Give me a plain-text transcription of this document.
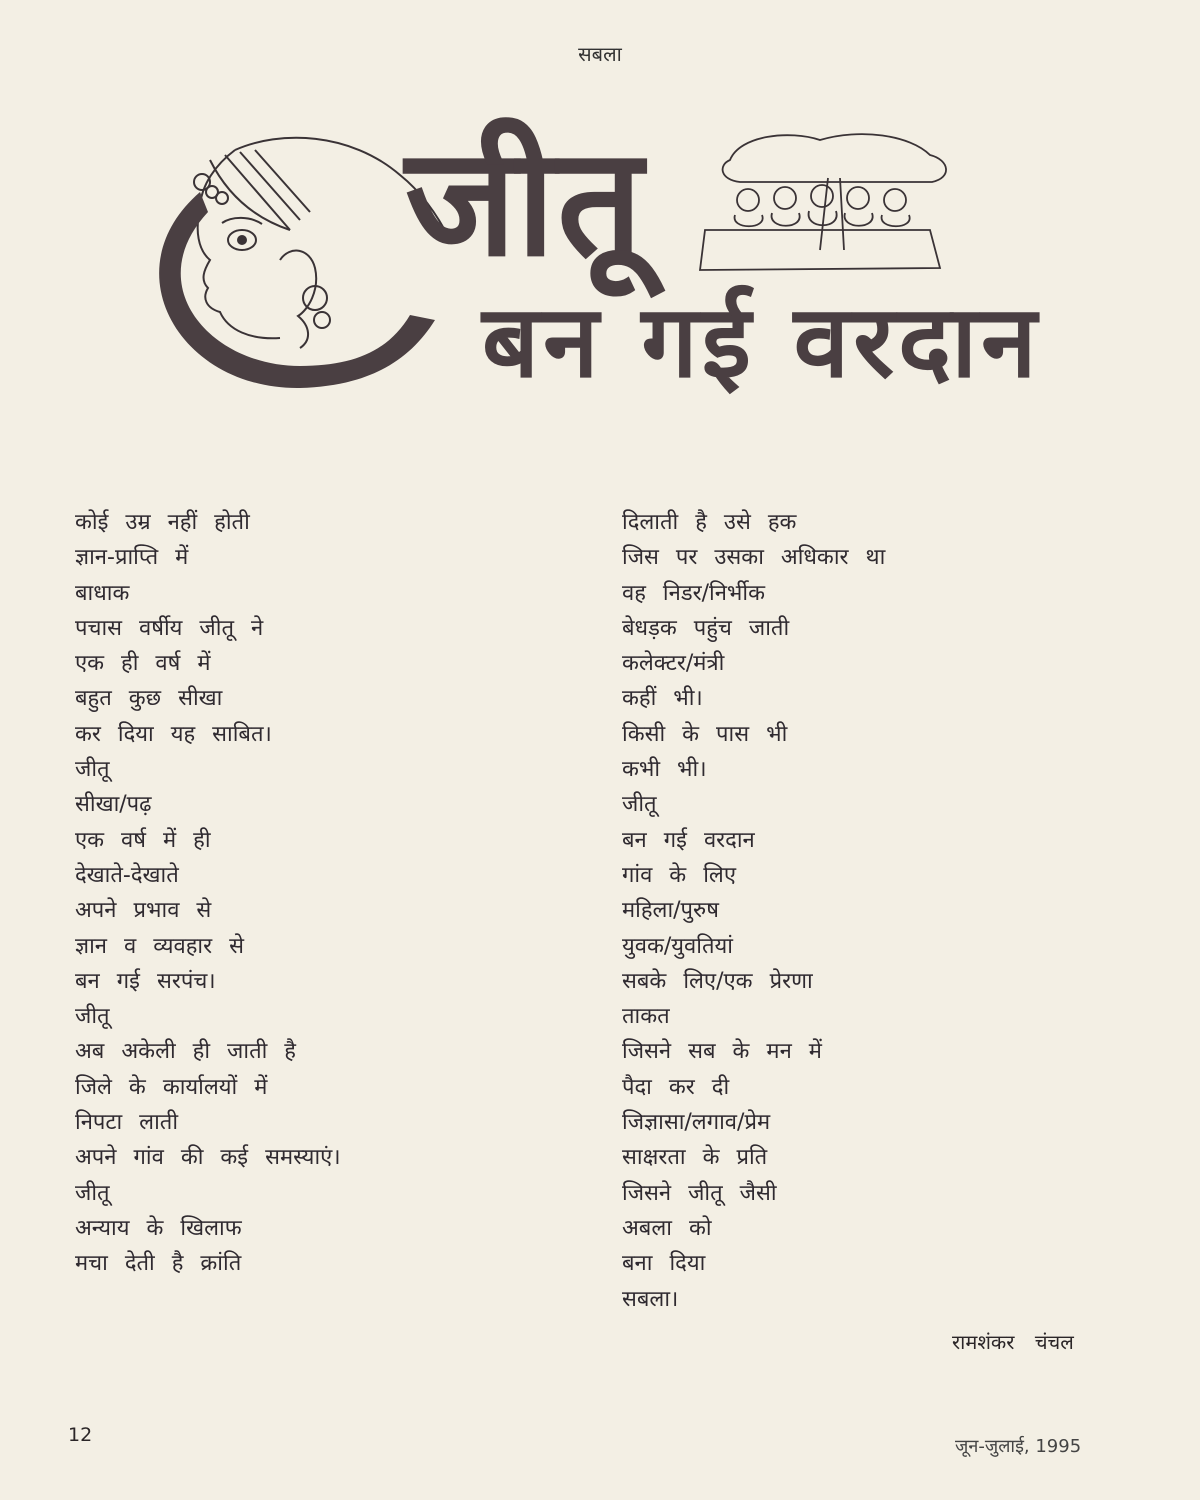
सबला
जीतू
बन गई वरदान
कोई उम्र नहीं होती
ज्ञान-प्राप्ति में
बाधाक
पचास वर्षीय जीतू ने
एक ही वर्ष में
बहुत कुछ सीखा
कर दिया यह साबित।
जीतू
सीखा/पढ़
एक वर्ष में ही
देखाते-देखाते
अपने प्रभाव से
ज्ञान व व्यवहार से
बन गई सरपंच।
जीतू
अब अकेली ही जाती है
जिले के कार्यालयों में
निपटा लाती
अपने गांव की कई समस्याएं।
जीतू
अन्याय के खिलाफ
मचा देती है क्रांति
दिलाती है उसे हक
जिस पर उसका अधिकार था
वह निडर/निर्भीक
बेधड़क पहुंच जाती
कलेक्टर/मंत्री
कहीं भी।
किसी के पास भी
कभी भी।
जीतू
बन गई वरदान
गांव के लिए
महिला/पुरुष
युवक/युवतियां
सबके लिए/एक प्रेरणा
ताकत
जिसने सब के मन में
पैदा कर दी
जिज्ञासा/लगाव/प्रेम
साक्षरता के प्रति
जिसने जीतू जैसी
अबला को
बना दिया
सबला।
रामशंकर चंचल
12
जून-जुलाई, 1995
